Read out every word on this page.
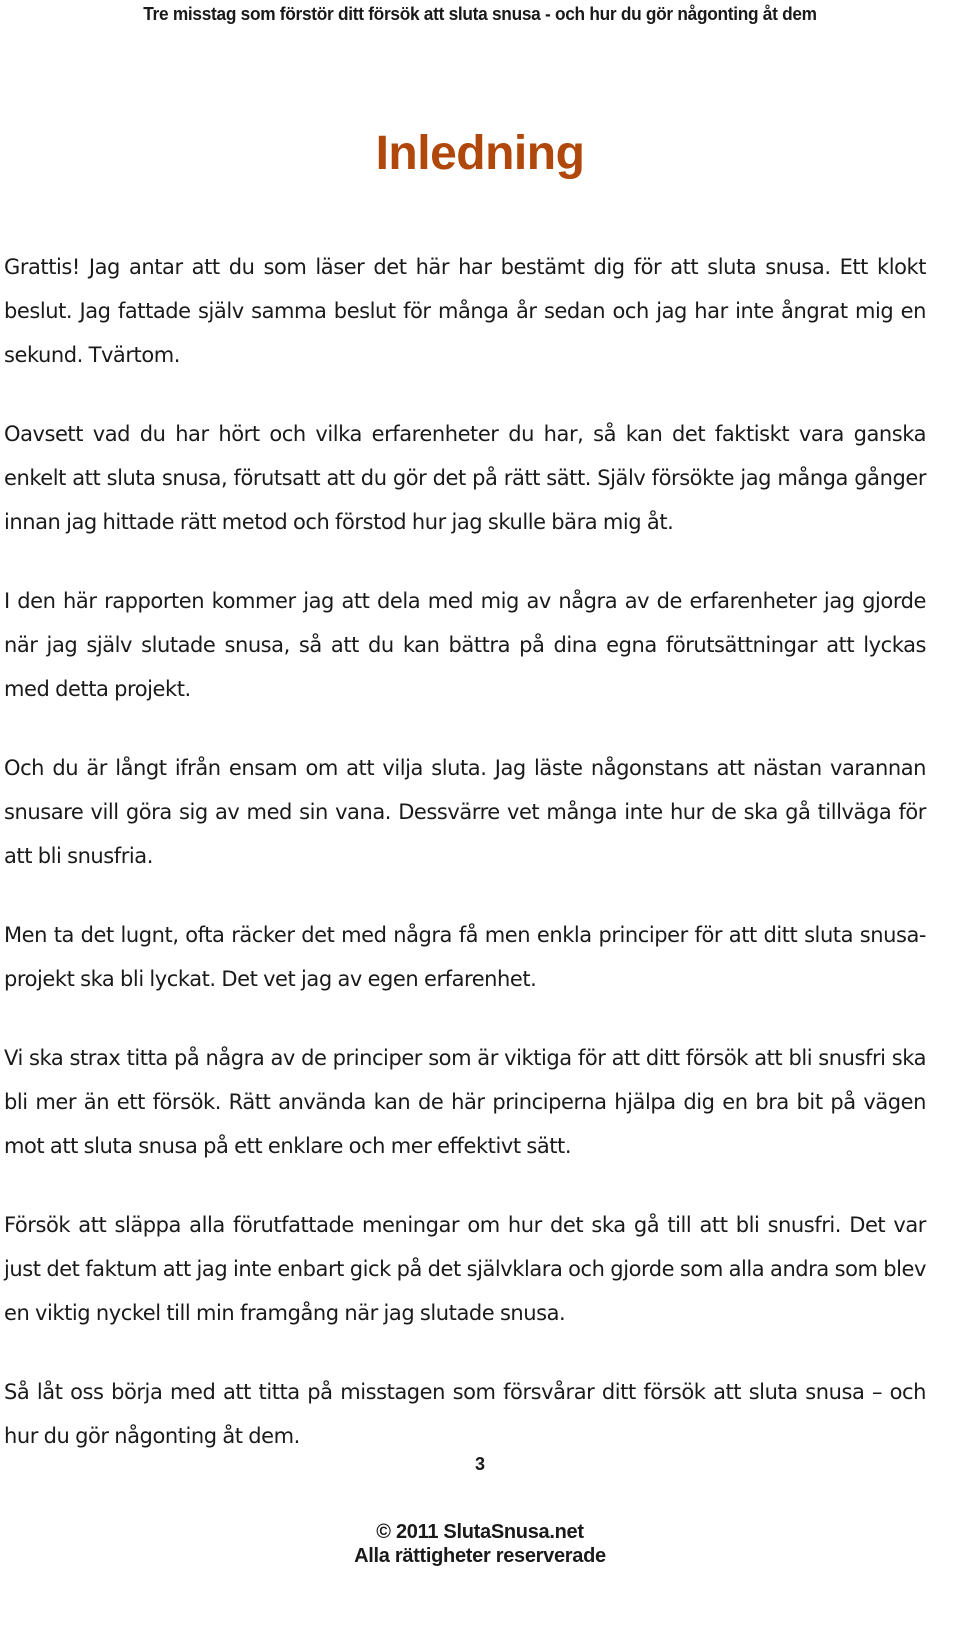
Tre misstag som förstör ditt försök att sluta snusa - och hur du gör någonting åt dem
Inledning

Grattis! Jag antar att du som läser det här har bestämt dig för att sluta snusa. Ett klokt beslut. Jag fattade själv samma beslut för många år sedan och jag har inte ångrat mig en sekund. Tvärtom.

Oavsett vad du har hört och vilka erfarenheter du har, så kan det faktiskt vara ganska enkelt att sluta snusa, förutsatt att du gör det på rätt sätt. Själv försökte jag många gånger innan jag hittade rätt metod och förstod hur jag skulle bära mig åt.

I den här rapporten kommer jag att dela med mig av några av de erfarenheter jag gjorde när jag själv slutade snusa, så att du kan bättra på dina egna förutsättningar att lyckas med detta projekt.

Och du är långt ifrån ensam om att vilja sluta. Jag läste någonstans att nästan varannan snusare vill göra sig av med sin vana. Dessvärre vet många inte hur de ska gå tillväga för att bli snusfria.

Men ta det lugnt, ofta räcker det med några få men enkla principer för att ditt sluta snusa-projekt ska bli lyckat. Det vet jag av egen erfarenhet.

Vi ska strax titta på några av de principer som är viktiga för att ditt försök att bli snusfri ska bli mer än ett försök. Rätt använda kan de här principerna hjälpa dig en bra bit på vägen mot att sluta snusa på ett enklare och mer effektivt sätt.

Försök att släppa alla förutfattade meningar om hur det ska gå till att bli snusfri. Det var just det faktum att jag inte enbart gick på det självklara och gjorde som alla andra som blev en viktig nyckel till min framgång när jag slutade snusa.

Så låt oss börja med att titta på misstagen som försvårar ditt försök att sluta snusa – och hur du gör någonting åt dem.

3
© 2011 SlutaSnusa.net
Alla rättigheter reserverade
